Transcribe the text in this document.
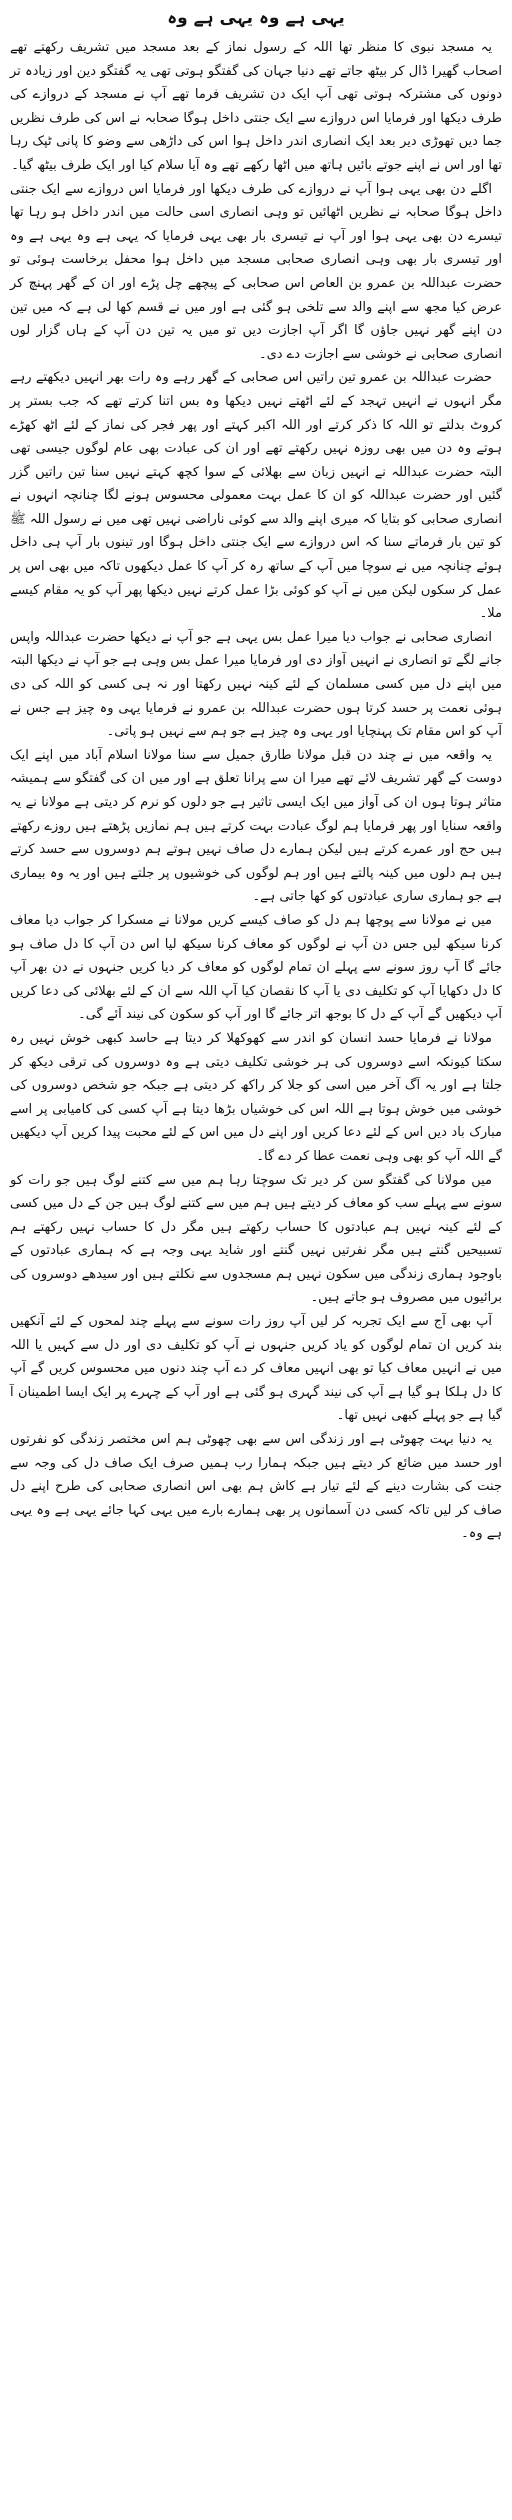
یہی ہے وہ یہی ہے وہ

یہ مسجد نبوی کا منظر تھا اللہ کے رسول نماز کے بعد مسجد میں تشریف رکھتے تھے اصحاب گھیرا ڈال کر بیٹھ جاتے تھے دنیا جہان کی گفتگو ہوتی تھی یہ گفتگو دین اور زیادہ تر دونوں کی مشترکہ ہوتی تھی آپ ایک دن تشریف فرما تھے آپ نے مسجد کے دروازے کی طرف دیکھا اور فرمایا اس دروازے سے ایک جنتی داخل ہوگا صحابہ نے اس کی طرف نظریں جما دیں تھوڑی دیر بعد ایک انصاری اندر داخل ہوا اس کی داڑھی سے وضو کا پانی ٹپک رہا تھا اور اس نے اپنے جوتے بائیں ہاتھ میں اٹھا رکھے تھے وہ آیا سلام کیا اور ایک طرف بیٹھ گیا۔

اگلے دن بھی یہی ہوا آپ نے دروازے کی طرف دیکھا اور فرمایا اس دروازے سے ایک جنتی داخل ہوگا صحابہ نے نظریں اٹھائیں تو وہی انصاری اسی حالت میں اندر داخل ہو رہا تھا تیسرے دن بھی یہی ہوا اور آپ نے تیسری بار بھی یہی فرمایا کہ یہی ہے وہ یہی ہے وہ اور تیسری بار بھی وہی انصاری صحابی مسجد میں داخل ہوا محفل برخاست ہوئی تو حضرت عبداللہ بن عمرو بن العاص اس صحابی کے پیچھے چل پڑے اور ان کے گھر پہنچ کر عرض کیا مجھ سے اپنے والد سے تلخی ہو گئی ہے اور میں نے قسم کھا لی ہے کہ میں تین دن اپنے گھر نہیں جاؤں گا اگر آپ اجازت دیں تو میں یہ تین دن آپ کے ہاں گزار لوں انصاری صحابی نے خوشی سے اجازت دے دی۔

حضرت عبداللہ بن عمرو تین راتیں اس صحابی کے گھر رہے وہ رات بھر انہیں دیکھتے رہے مگر انہوں نے انہیں تہجد کے لئے اٹھتے نہیں دیکھا وہ بس اتنا کرتے تھے کہ جب بستر پر کروٹ بدلتے تو اللہ کا ذکر کرتے اور اللہ اکبر کہتے اور پھر فجر کی نماز کے لئے اٹھ کھڑے ہوتے وہ دن میں بھی روزہ نہیں رکھتے تھے اور ان کی عبادت بھی عام لوگوں جیسی تھی البتہ حضرت عبداللہ نے انہیں زبان سے بھلائی کے سوا کچھ کہتے نہیں سنا تین راتیں گزر گئیں اور حضرت عبداللہ کو ان کا عمل بہت معمولی محسوس ہونے لگا چنانچہ انہوں نے انصاری صحابی کو بتایا کہ میری اپنے والد سے کوئی ناراضی نہیں تھی میں نے رسول اللہ ﷺ کو تین بار فرماتے سنا کہ اس دروازے سے ایک جنتی داخل ہوگا اور تینوں بار آپ ہی داخل ہوئے چنانچہ میں نے سوچا میں آپ کے ساتھ رہ کر آپ کا عمل دیکھوں تاکہ میں بھی اس پر عمل کر سکوں لیکن میں نے آپ کو کوئی بڑا عمل کرتے نہیں دیکھا پھر آپ کو یہ مقام کیسے ملا۔

انصاری صحابی نے جواب دیا میرا عمل بس یہی ہے جو آپ نے دیکھا حضرت عبداللہ واپس جانے لگے تو انصاری نے انہیں آواز دی اور فرمایا میرا عمل بس وہی ہے جو آپ نے دیکھا البتہ میں اپنے دل میں کسی مسلمان کے لئے کینہ نہیں رکھتا اور نہ ہی کسی کو اللہ کی دی ہوئی نعمت پر حسد کرتا ہوں حضرت عبداللہ بن عمرو نے فرمایا یہی وہ چیز ہے جس نے آپ کو اس مقام تک پہنچایا اور یہی وہ چیز ہے جو ہم سے نہیں ہو پاتی۔

یہ واقعہ میں نے چند دن قبل مولانا طارق جمیل سے سنا مولانا اسلام آباد میں اپنے ایک دوست کے گھر تشریف لائے تھے میرا ان سے پرانا تعلق ہے اور میں ان کی گفتگو سے ہمیشہ متاثر ہوتا ہوں ان کی آواز میں ایک ایسی تاثیر ہے جو دلوں کو نرم کر دیتی ہے مولانا نے یہ واقعہ سنایا اور پھر فرمایا ہم لوگ عبادت بہت کرتے ہیں ہم نمازیں پڑھتے ہیں روزے رکھتے ہیں حج اور عمرے کرتے ہیں لیکن ہمارے دل صاف نہیں ہوتے ہم دوسروں سے حسد کرتے ہیں ہم دلوں میں کینہ پالتے ہیں اور ہم لوگوں کی خوشیوں پر جلتے ہیں اور یہ وہ بیماری ہے جو ہماری ساری عبادتوں کو کھا جاتی ہے۔

میں نے مولانا سے پوچھا ہم دل کو صاف کیسے کریں مولانا نے مسکرا کر جواب دیا معاف کرنا سیکھ لیں جس دن آپ نے لوگوں کو معاف کرنا سیکھ لیا اس دن آپ کا دل صاف ہو جائے گا آپ روز سونے سے پہلے ان تمام لوگوں کو معاف کر دیا کریں جنہوں نے دن بھر آپ کا دل دکھایا آپ کو تکلیف دی یا آپ کا نقصان کیا آپ اللہ سے ان کے لئے بھلائی کی دعا کریں آپ دیکھیں گے آپ کے دل کا بوجھ اتر جائے گا اور آپ کو سکون کی نیند آئے گی۔

مولانا نے فرمایا حسد انسان کو اندر سے کھوکھلا کر دیتا ہے حاسد کبھی خوش نہیں رہ سکتا کیونکہ اسے دوسروں کی ہر خوشی تکلیف دیتی ہے وہ دوسروں کی ترقی دیکھ کر جلتا ہے اور یہ آگ آخر میں اسی کو جلا کر راکھ کر دیتی ہے جبکہ جو شخص دوسروں کی خوشی میں خوش ہوتا ہے اللہ اس کی خوشیاں بڑھا دیتا ہے آپ کسی کی کامیابی پر اسے مبارک باد دیں اس کے لئے دعا کریں اور اپنے دل میں اس کے لئے محبت پیدا کریں آپ دیکھیں گے اللہ آپ کو بھی وہی نعمت عطا کر دے گا۔

میں مولانا کی گفتگو سن کر دیر تک سوچتا رہا ہم میں سے کتنے لوگ ہیں جو رات کو سونے سے پہلے سب کو معاف کر دیتے ہیں ہم میں سے کتنے لوگ ہیں جن کے دل میں کسی کے لئے کینہ نہیں ہم عبادتوں کا حساب رکھتے ہیں مگر دل کا حساب نہیں رکھتے ہم تسبیحیں گنتے ہیں مگر نفرتیں نہیں گنتے اور شاید یہی وجہ ہے کہ ہماری عبادتوں کے باوجود ہماری زندگی میں سکون نہیں ہم مسجدوں سے نکلتے ہیں اور سیدھے دوسروں کی برائیوں میں مصروف ہو جاتے ہیں۔

آپ بھی آج سے ایک تجربہ کر لیں آپ روز رات سونے سے پہلے چند لمحوں کے لئے آنکھیں بند کریں ان تمام لوگوں کو یاد کریں جنہوں نے آپ کو تکلیف دی اور دل سے کہیں یا اللہ میں نے انہیں معاف کیا تو بھی انہیں معاف کر دے آپ چند دنوں میں محسوس کریں گے آپ کا دل ہلکا ہو گیا ہے آپ کی نیند گہری ہو گئی ہے اور آپ کے چہرے پر ایک ایسا اطمینان آ گیا ہے جو پہلے کبھی نہیں تھا۔

یہ دنیا بہت چھوٹی ہے اور زندگی اس سے بھی چھوٹی ہم اس مختصر زندگی کو نفرتوں اور حسد میں ضائع کر دیتے ہیں جبکہ ہمارا رب ہمیں صرف ایک صاف دل کی وجہ سے جنت کی بشارت دینے کے لئے تیار ہے کاش ہم بھی اس انصاری صحابی کی طرح اپنے دل صاف کر لیں تاکہ کسی دن آسمانوں پر بھی ہمارے بارے میں یہی کہا جائے یہی ہے وہ یہی ہے وہ۔
